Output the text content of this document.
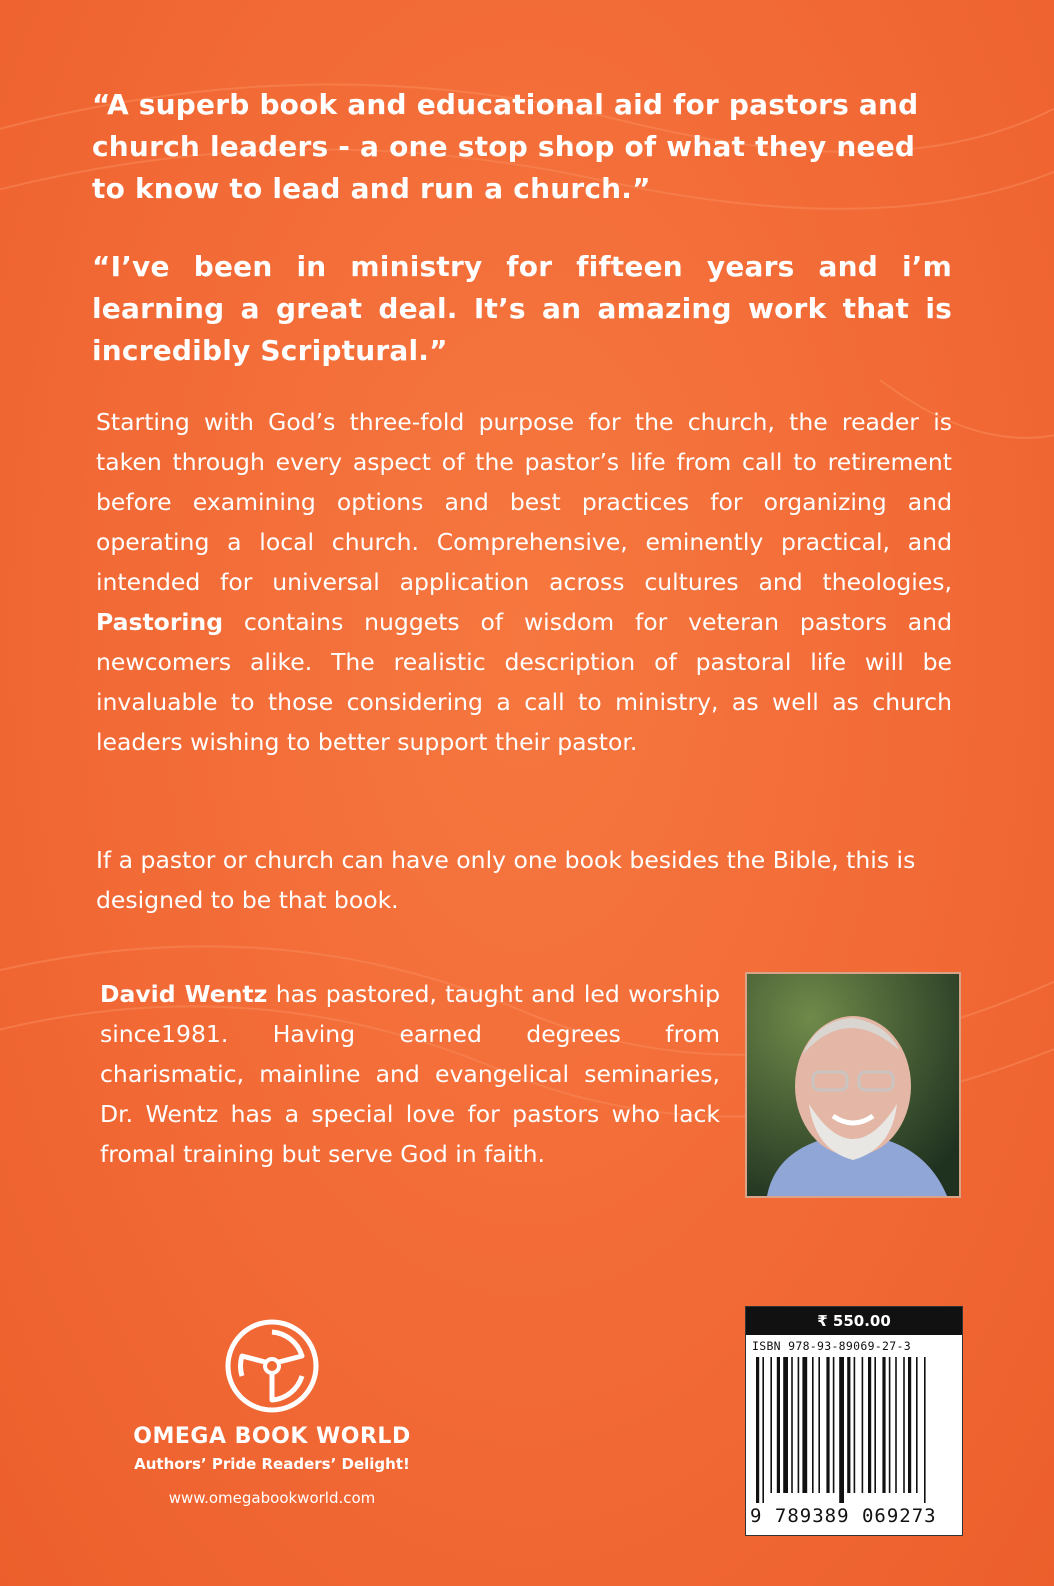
“A superb book and educational aid for pastors and church leaders - a one stop shop of what they need to know to lead and run a church.”
“I’ve been in ministry for fifteen years and i’m learning a great deal. It’s an amazing work that is incredibly Scriptural.”
Starting with God’s three-fold purpose for the church, the reader is taken through every aspect of the pastor’s life from call to retirement before examining options and best practices for organizing and operating a local church. Comprehensive, eminently practical, and intended for universal application across cultures and theologies, Pastoring contains nuggets of wisdom for veteran pastors and newcomers alike. The realistic description of pastoral life will be invaluable to those considering a call to ministry, as well as church leaders wishing to better support their pastor.
If a pastor or church can have only one book besides the Bible, this is designed to be that book.
David Wentz has pastored, taught and led worship since1981. Having earned degrees from charismatic, mainline and evangelical seminaries, Dr. Wentz has a special love for pastors who lack fromal training but serve God in faith.
OMEGA BOOK WORLD
Authors’ Pride Readers’ Delight!
www.omegabookworld.com
₹ 550.00
ISBN 978-93-89069-27-3
9 789389 069273
